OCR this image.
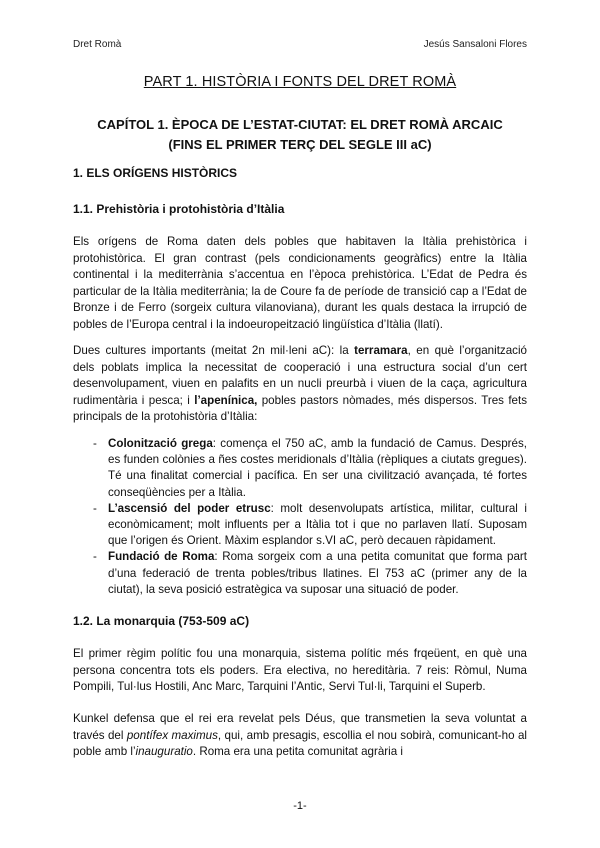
Dret Romà	Jesús Sansaloni Flores
PART 1. HISTÒRIA I FONTS DEL DRET ROMÀ
CAPÍTOL 1. ÈPOCA DE L’ESTAT-CIUTAT: EL DRET ROMÀ ARCAIC
(FINS EL PRIMER TERÇ DEL SEGLE III aC)
1. ELS ORÍGENS HISTÒRICS
1.1. Prehistòria i protohistòria d’Itàlia

Els orígens de Roma daten dels pobles que habitaven la Itàlia prehistòrica i protohistòrica. El gran contrast (pels condicionaments geogràfics) entre la Itàlia continental i la mediterrània s’accentua en l’època prehistòrica. L’Edat de Pedra és particular de la Itàlia mediterrània; la de Coure fa de període de transició cap a l’Edat de Bronze i de Ferro (sorgeix cultura vilanoviana), durant les quals destaca la irrupció de pobles de l’Europa central i la indoeuropeització lingüística d’Itàlia (llatí).

Dues cultures importants (meitat 2n mil·leni aC): la terramara, en què l’organització dels poblats implica la necessitat de cooperació i una estructura social d’un cert desenvolupament, viuen en palafits en un nucli preurbà i viuen de la caça, agricultura rudimentària i pesca; i l’apenínica, pobles pastors nòmades, més dispersos. Tres fets principals de la protohistòria d’Itàlia:

- Colonització grega: comença el 750 aC, amb la fundació de Camus. Després, es funden colònies a ñes costes meridionals d’Itàlia (rèpliques a ciutats gregues). Té una finalitat comercial i pacífica. En ser una civilització avançada, té fortes conseqüències per a Itàlia.
- L’ascensió del poder etrusc: molt desenvolupats artística, militar, cultural i econòmicament; molt influents per a Itàlia tot i que no parlaven llatí. Suposam que l’origen és Orient. Màxim esplandor s.VI aC, però decauen ràpidament.
- Fundació de Roma: Roma sorgeix com a una petita comunitat que forma part d’una federació de trenta pobles/tribus llatines. El 753 aC (primer any de la ciutat), la seva posició estratègica va suposar una situació de poder.
1.2. La monarquia (753-509 aC)

El primer règim polític fou una monarquia, sistema polític més frqeüent, en què una persona concentra tots els poders. Era electiva, no hereditària. 7 reis: Ròmul, Numa Pompili, Tul·lus Hostili, Anc Marc, Tarquini l’Antic, Servi Tul·li, Tarquini el Superb.

Kunkel defensa que el rei era revelat pels Déus, que transmetien la seva voluntat a través del pontífex maximus, qui, amb presagis, escollia el nou sobirà, comunicant-ho al poble amb l’inauguratio. Roma era una petita comunitat agrària i

-1-
